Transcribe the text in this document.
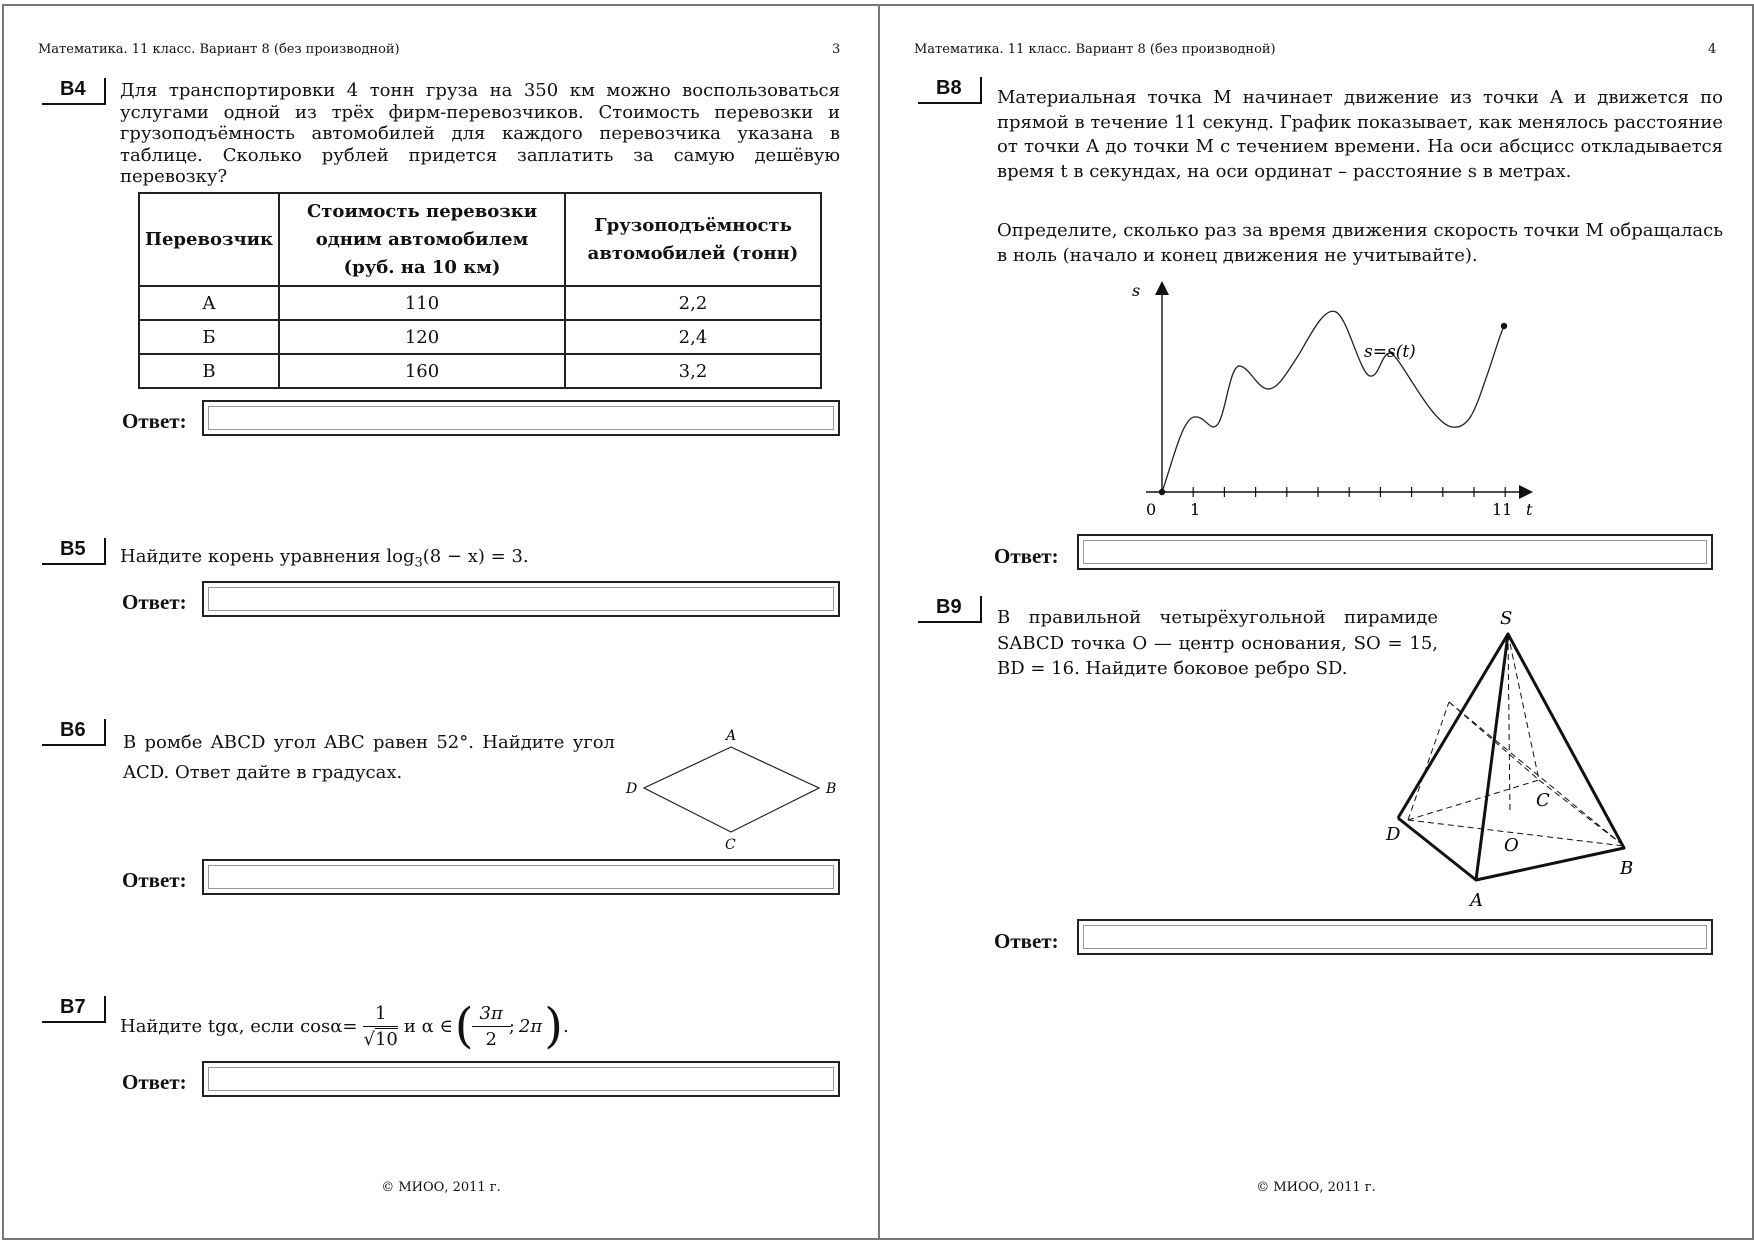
Математика. 11 класс. Вариант 8 (без производной)	3
B4	Для транспортировки 4 тонн груза на 350 км можно воспользоваться услугами одной из трёх фирм-перевозчиков. Стоимость перевозки и грузоподъёмность автомобилей для каждого перевозчика указана в таблице. Сколько рублей придется заплатить за самую дешёвую перевозку?
Перевозчик	Стоимость перевозки одним автомобилем (руб. на 10 км)	Грузоподъёмность автомобилей (тонн)
А	110	2,2
Б	120	2,4
В	160	3,2
Ответ:
B5	Найдите корень уравнения $\log_3(8 - x) = 3$.
Ответ:
B6
В ромбе ABCD угол ABC равен 52°. Найдите угол ACD. Ответ дайте в градусах.
A
B
C
D
Ответ:
B7
Найдите tgα, если $\cos\alpha= \frac{1}{√10}$ и α ∈ ( $\frac{3\pi}{2}$ ; 2π ) .
Ответ:
© МИОО, 2011 г.
Математика. 11 класс. Вариант 8 (без производной)	4
B8	Материальная точка M начинает движение из точки A и движется по прямой в течение 11 секунд. График показывает, как менялось расстояние от точки A до точки M с течением времени. На оси абсцисс откладывается время t в секундах, на оси ординат – расстояние s в метрах.
Определите, сколько раз за время движения скорость точки M обращалась в ноль (начало и конец движения не учитывайте).
s
t
s=s(t)
0 1	11
Ответ:
B9	В правильной четырёхугольной пирамиде SABCD точка O — центр основания, SO = 15, BD = 16. Найдите боковое ребро SD.
S
A
B
C
D
O
Ответ:
© МИОО, 2011 г.
